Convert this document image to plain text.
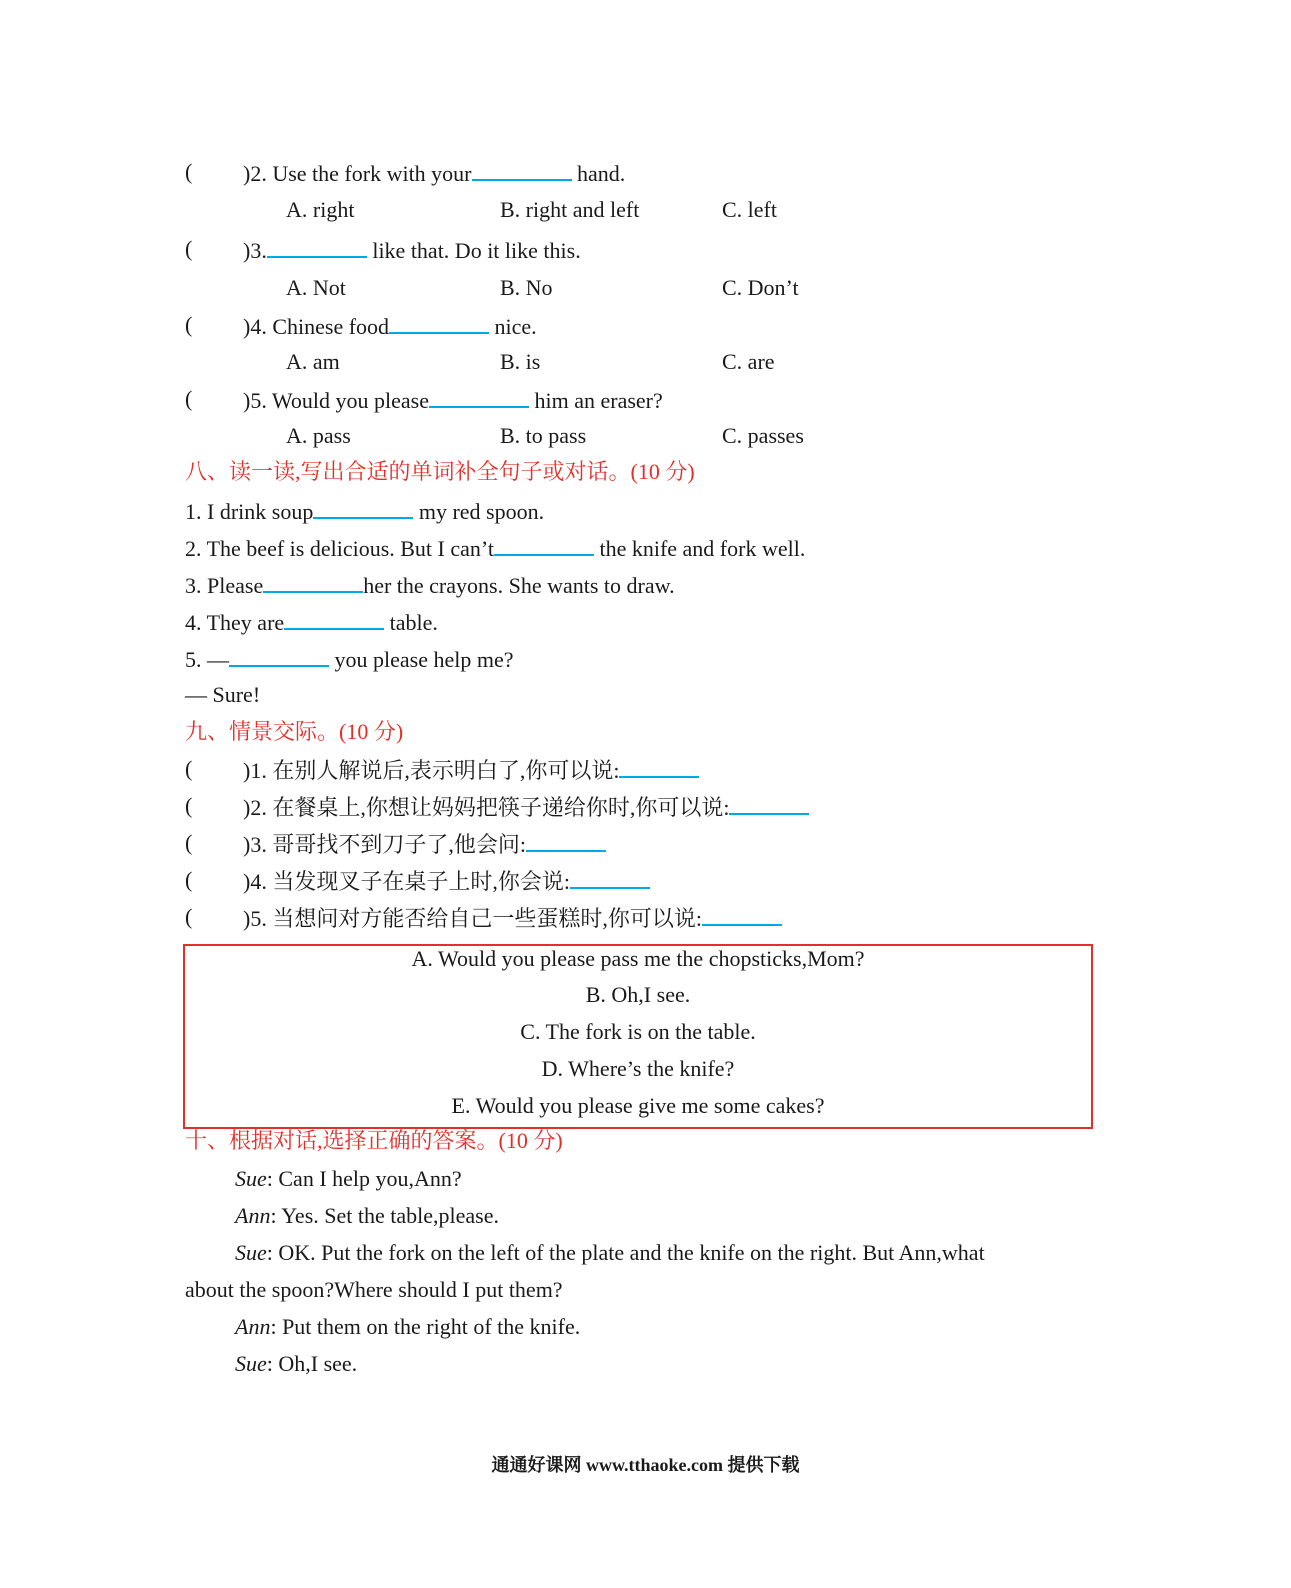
( )2. Use the fork with your	hand.
A. right	B. right and left	C. left
( )3.	like that. Do it like this.
A. Not	B. No	C. Don’t
( )4. Chinese food	nice.
A. am	B. is	C. are
( )5. Would you please	him an eraser?
A. pass	B. to pass	C. passes
八、读一读,写出合适的单词补全句子或对话。(10 分)
1. I drink soup	my red spoon.
2. The beef is delicious. But I can’t	the knife and fork well.
3. Please	her the crayons. She wants to draw.
4. They are	table.
5. —	you please help me?
— Sure!
九、情景交际。(10 分)
( )1. 在别人解说后,表示明白了,你可以说:
( )2. 在餐桌上,你想让妈妈把筷子递给你时,你可以说:
( )3. 哥哥找不到刀子了,他会问:
( )4. 当发现叉子在桌子上时,你会说:
( )5. 当想问对方能否给自己一些蛋糕时,你可以说:
A. Would you please pass me the chopsticks,Mom?
B. Oh,I see.
C. The fork is on the table.
D. Where’s the knife?
E. Would you please give me some cakes?
十、根据对话,选择正确的答案。(10 分)
Sue: Can I help you,Ann?
Ann: Yes. Set the table,please.
Sue: OK. Put the fork on the left of the plate and the knife on the right. But Ann,what
about the spoon?Where should I put them?
Ann: Put them on the right of the knife.
Sue: Oh,I see.
通通好课网 www.tthaoke.com 提供下载
